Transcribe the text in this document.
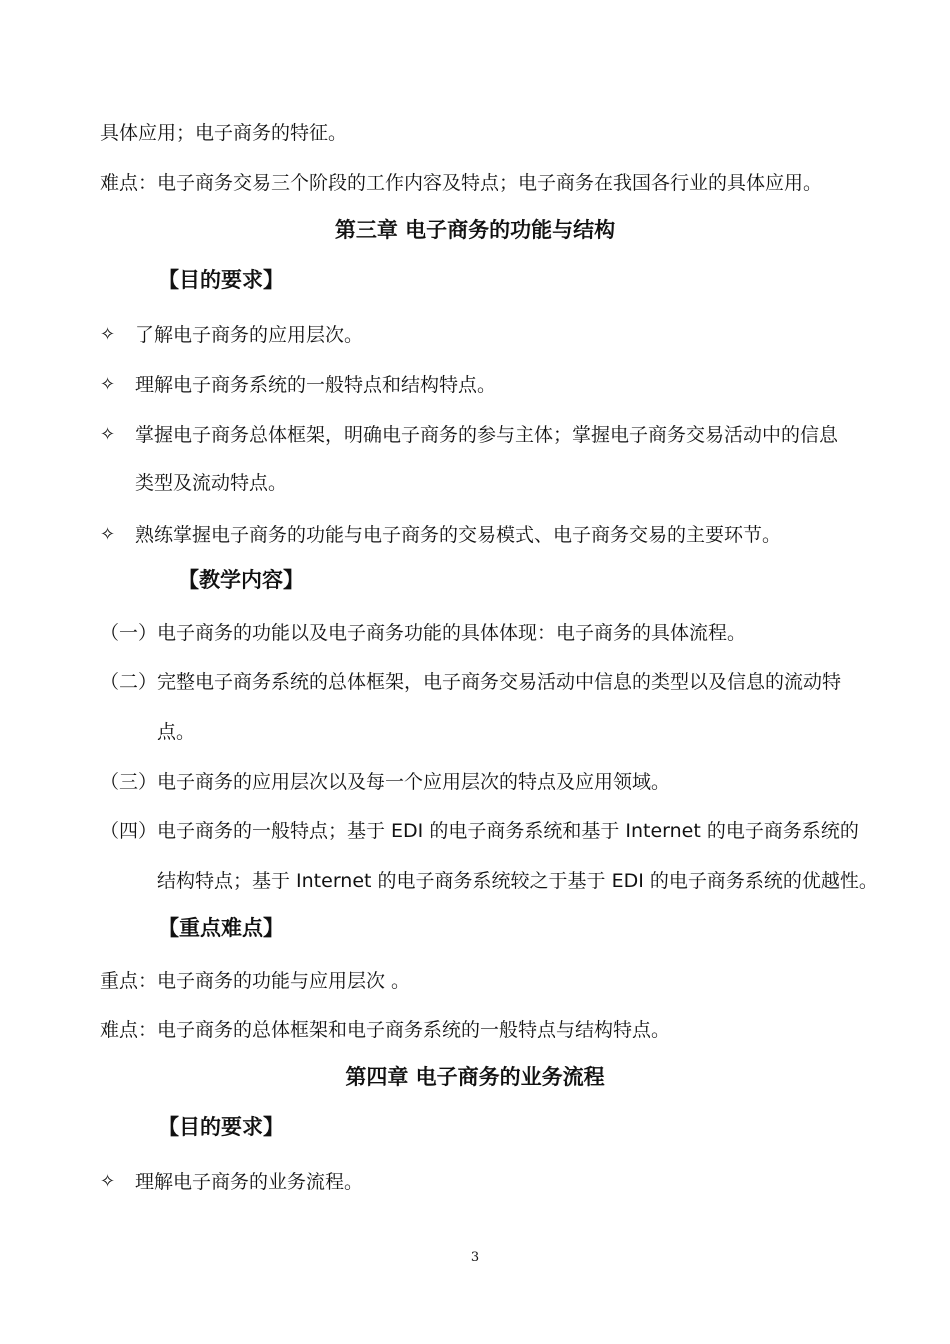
具体应用；电子商务的特征。
难点：电子商务交易三个阶段的工作内容及特点；电子商务在我国各行业的具体应用。
第三章 电子商务的功能与结构
【目的要求】
✧ 了解电子商务的应用层次。
✧ 理解电子商务系统的一般特点和结构特点。
✧ 掌握电子商务总体框架，明确电子商务的参与主体；掌握电子商务交易活动中的信息
类型及流动特点。
✧ 熟练掌握电子商务的功能与电子商务的交易模式、电子商务交易的主要环节。
【教学内容】
（一） 电子商务的功能以及电子商务功能的具体体现：电子商务的具体流程。
（二） 完整电子商务系统的总体框架，电子商务交易活动中信息的类型以及信息的流动特
点。
（三） 电子商务的应用层次以及每一个应用层次的特点及应用领域。
（四） 电子商务的一般特点；基于 EDI 的电子商务系统和基于 Internet 的电子商务系统的
结构特点；基于 Internet 的电子商务系统较之于基于 EDI 的电子商务系统的优越性。
【重点难点】
重点：电子商务的功能与应用层次 。
难点：电子商务的总体框架和电子商务系统的一般特点与结构特点。
第四章 电子商务的业务流程
【目的要求】
✧ 理解电子商务的业务流程。
3
